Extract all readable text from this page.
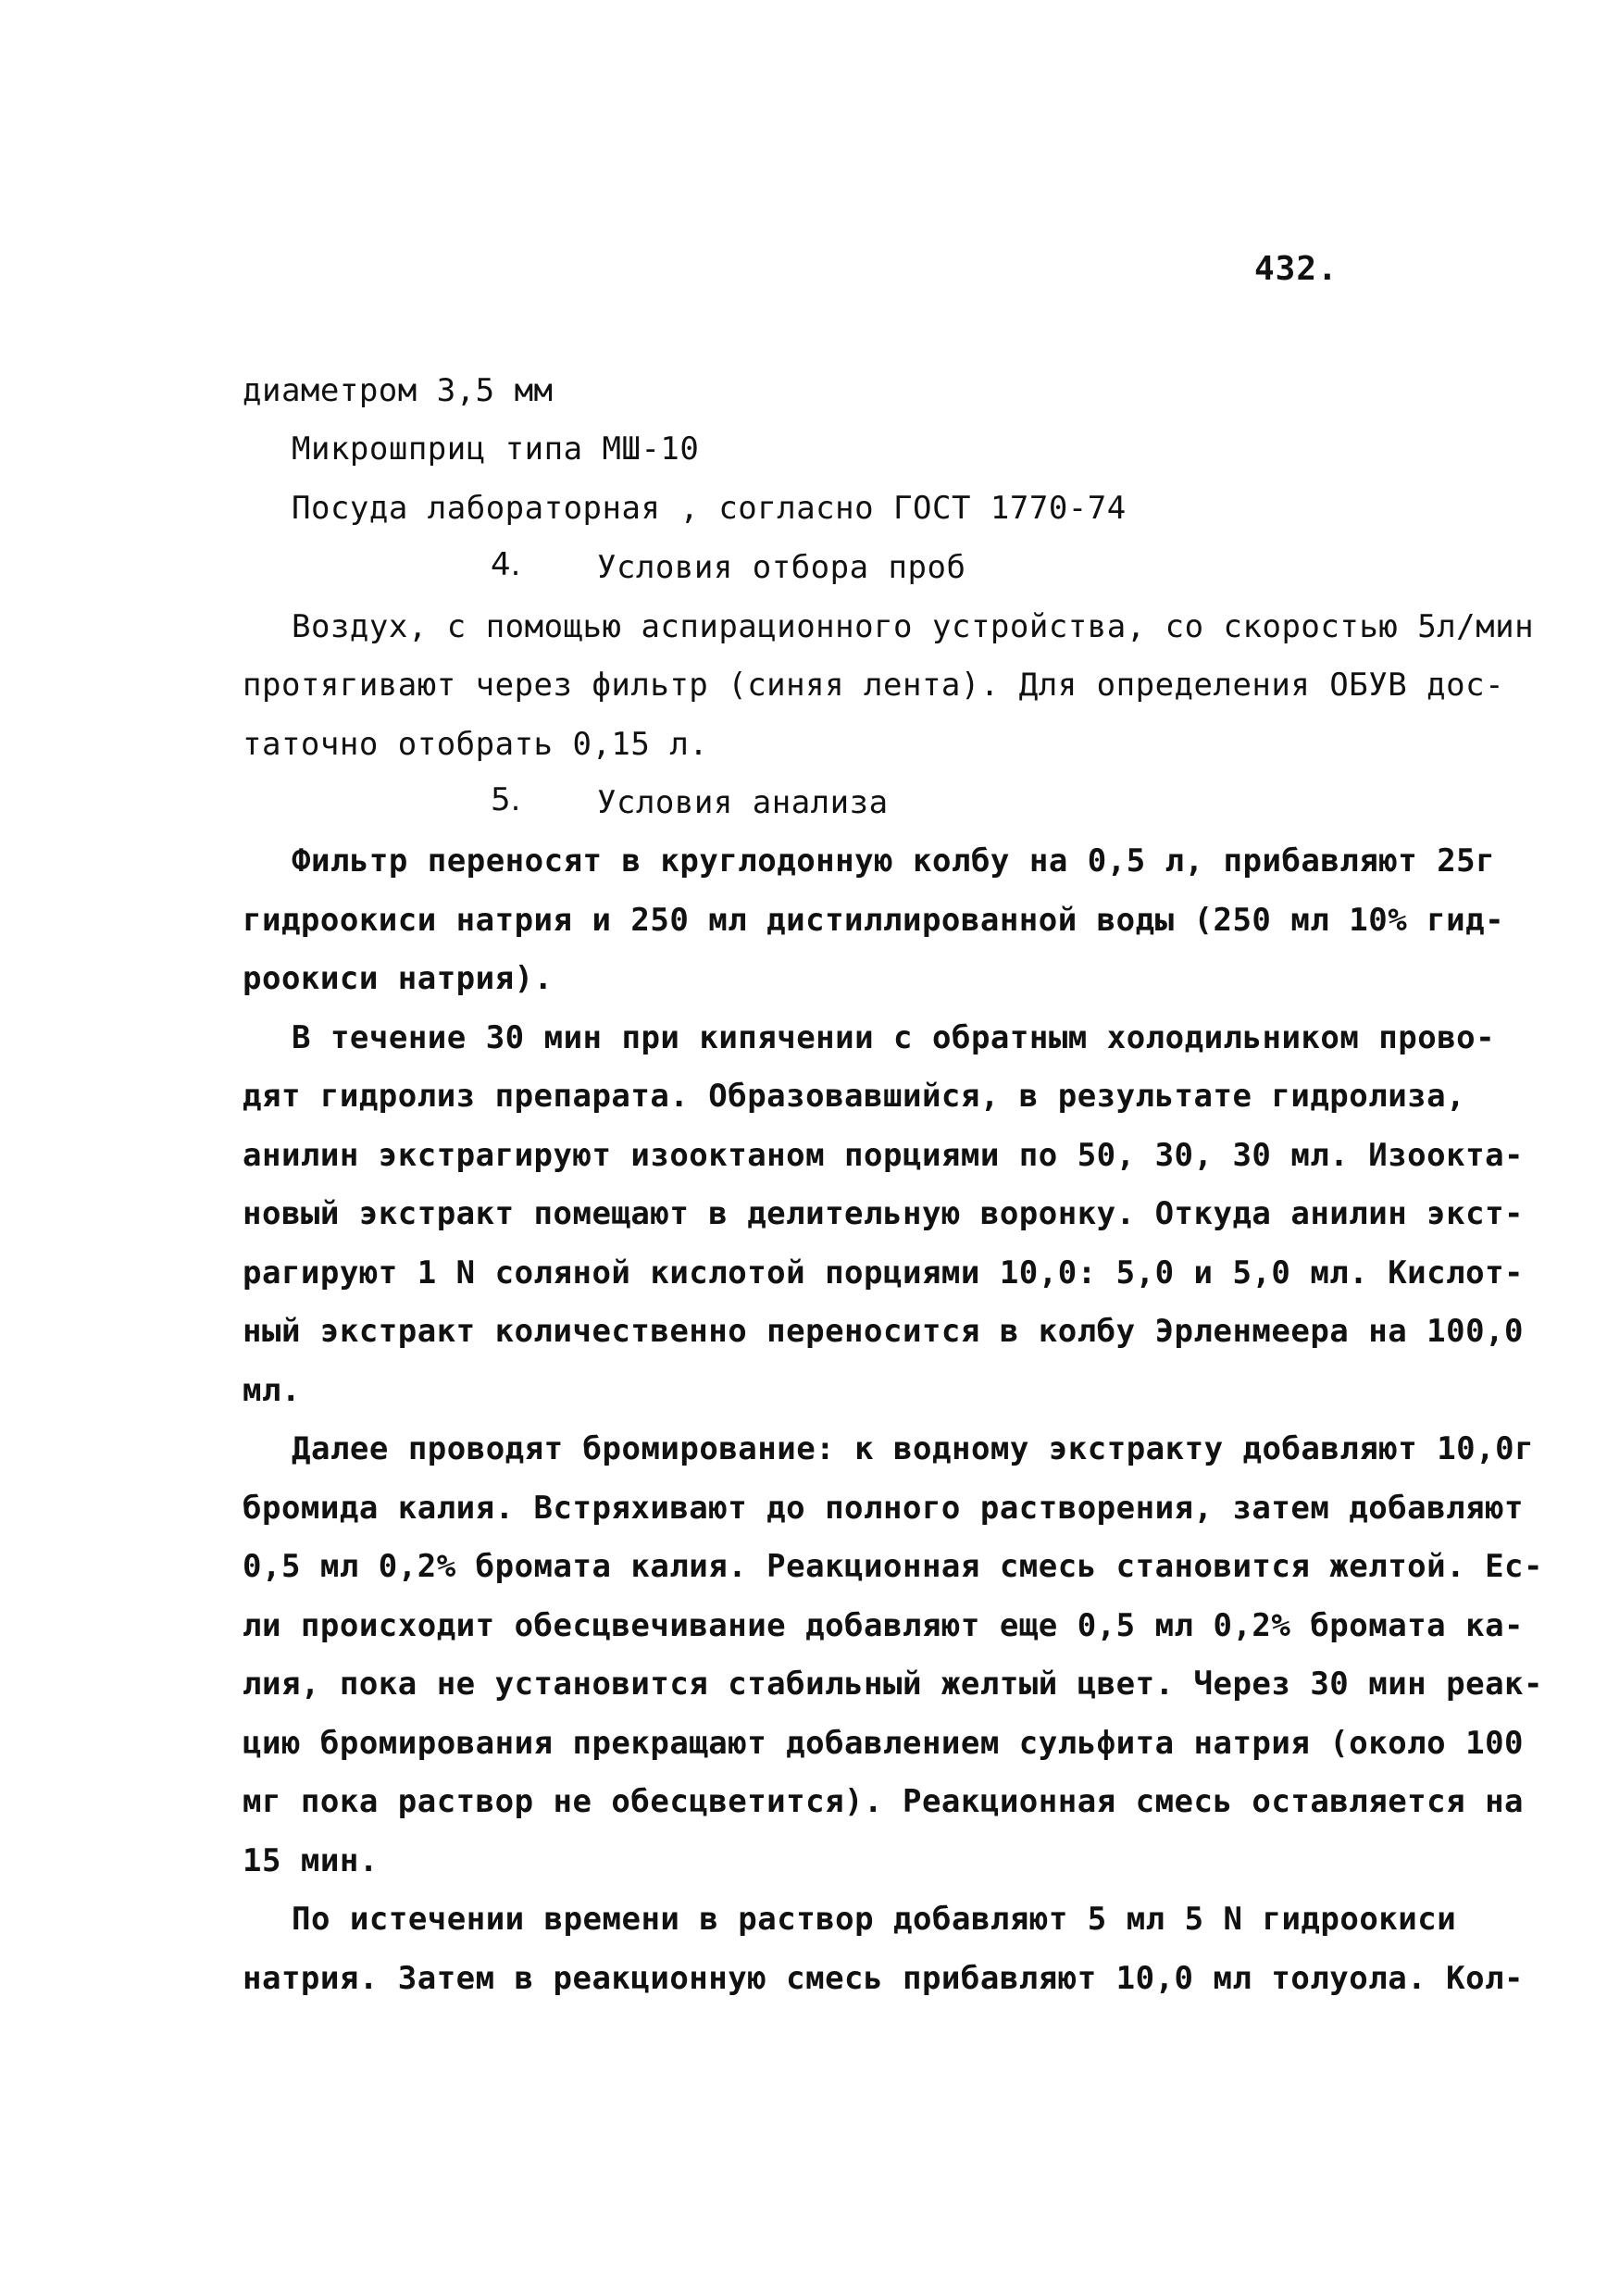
432.
диаметром 3,5 мм
Микрошприц типа МШ-10
Посуда лабораторная , согласно ГОСТ 1770-74
4. Условия отбора проб
Воздух, с помощью аспирационного устройства, со скоростью 5л/мин
протягивают через фильтр (синяя лента). Для определения ОБУВ дос-
таточно отобрать 0,15 л.
5. Условия анализа
Фильтр переносят в круглодонную колбу на 0,5 л, прибавляют 25г
гидроокиси натрия и 250 мл дистиллированной воды (250 мл 10% гид-
роокиси натрия).
В течение 30 мин при кипячении с обратным холодильником прово-
дят гидролиз препарата. Образовавшийся, в результате гидролиза,
анилин экстрагируют изооктаном порциями по 50, 30, 30 мл. Изоокта-
новый экстракт помещают в делительную воронку. Откуда анилин экст-
рагируют 1 N соляной кислотой порциями 10,0: 5,0 и 5,0 мл. Кислот-
ный экстракт количественно переносится в колбу Эрленмеера на 100,0
мл.
Далее проводят бромирование: к водному экстракту добавляют 10,0г
бромида калия. Встряхивают до полного растворения, затем добавляют
0,5 мл 0,2% бромата калия. Реакционная смесь становится желтой. Ес-
ли происходит обесцвечивание добавляют еще 0,5 мл 0,2% бромата ка-
лия, пока не установится стабильный желтый цвет. Через 30 мин реак-
цию бромирования прекращают добавлением сульфита натрия (около 100
мг пока раствор не обесцветится). Реакционная смесь оставляется на
15 мин.
По истечении времени в раствор добавляют 5 мл 5 N гидроокиси
натрия. Затем в реакционную смесь прибавляют 10,0 мл толуола. Кол-
